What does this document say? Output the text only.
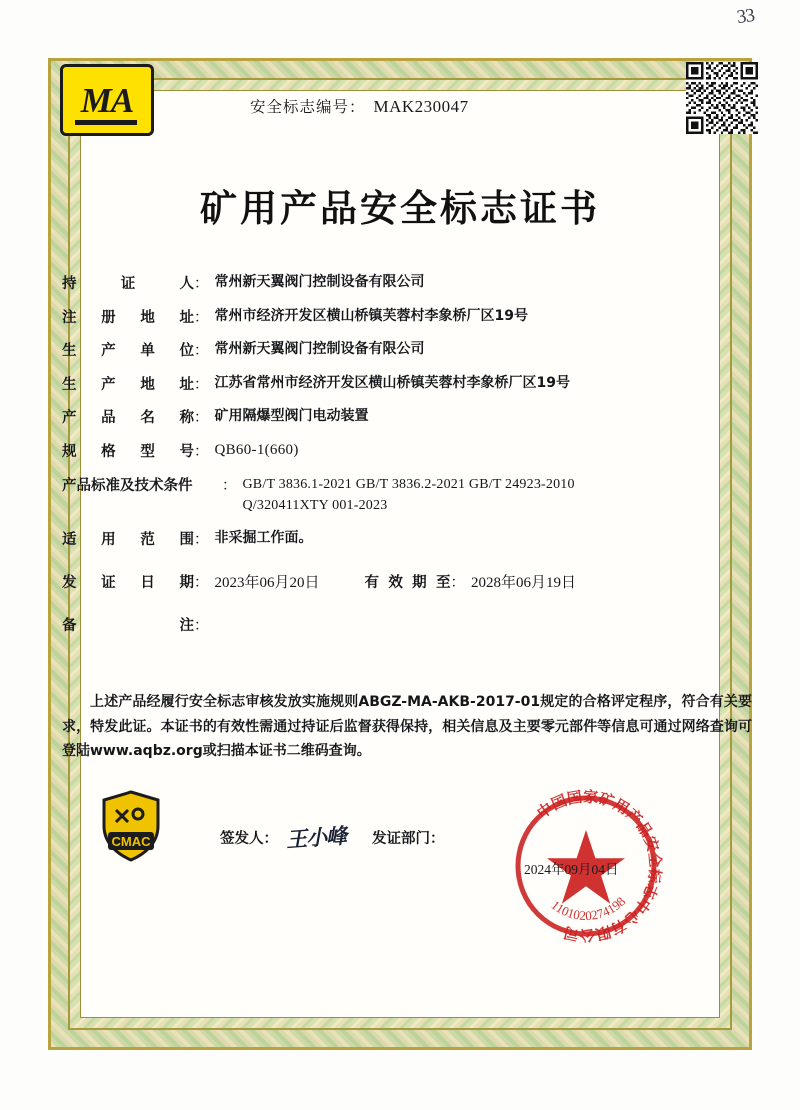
33
MA	安全标志编号： MAK230047
矿用产品安全标志证书
持 证 人 ： 常州新天翼阀门控制设备有限公司
注册地址 ： 常州市经济开发区横山桥镇芙蓉村李象桥厂区19号
生产单位 ： 常州新天翼阀门控制设备有限公司
生产地址 ： 江苏省常州市经济开发区横山桥镇芙蓉村李象桥厂区19号
产品名称 ： 矿用隔爆型阀门电动装置
规格型号 ： QB60-1(660)
产品标准及技术条件	： GB/T 3836.1-2021 GB/T 3836.2-2021 GB/T 24923-2010 Q/320411XTY 001-2023
适用范围 ： 非采掘工作面。
发证日期 ： 2023年06月20日	有效期至 ： 2028年06月19日
备 注 ：
上述产品经履行安全标志审核发放实施规则ABGZ-MA-AKB-2017-01规定的合格评定程序，符合有关要求，特发此证。本证书的有效性需通过持证后监督获得保持，相关信息及主要零元部件等信息可通过网络查询可登陆www.aqbz.org或扫描本证书二维码查询。
CMAC	签发人 ： 王小峰 发证部门 ：
中国国家矿用产品安全标志中心有限公司
1101020274198
2024年09月04日
